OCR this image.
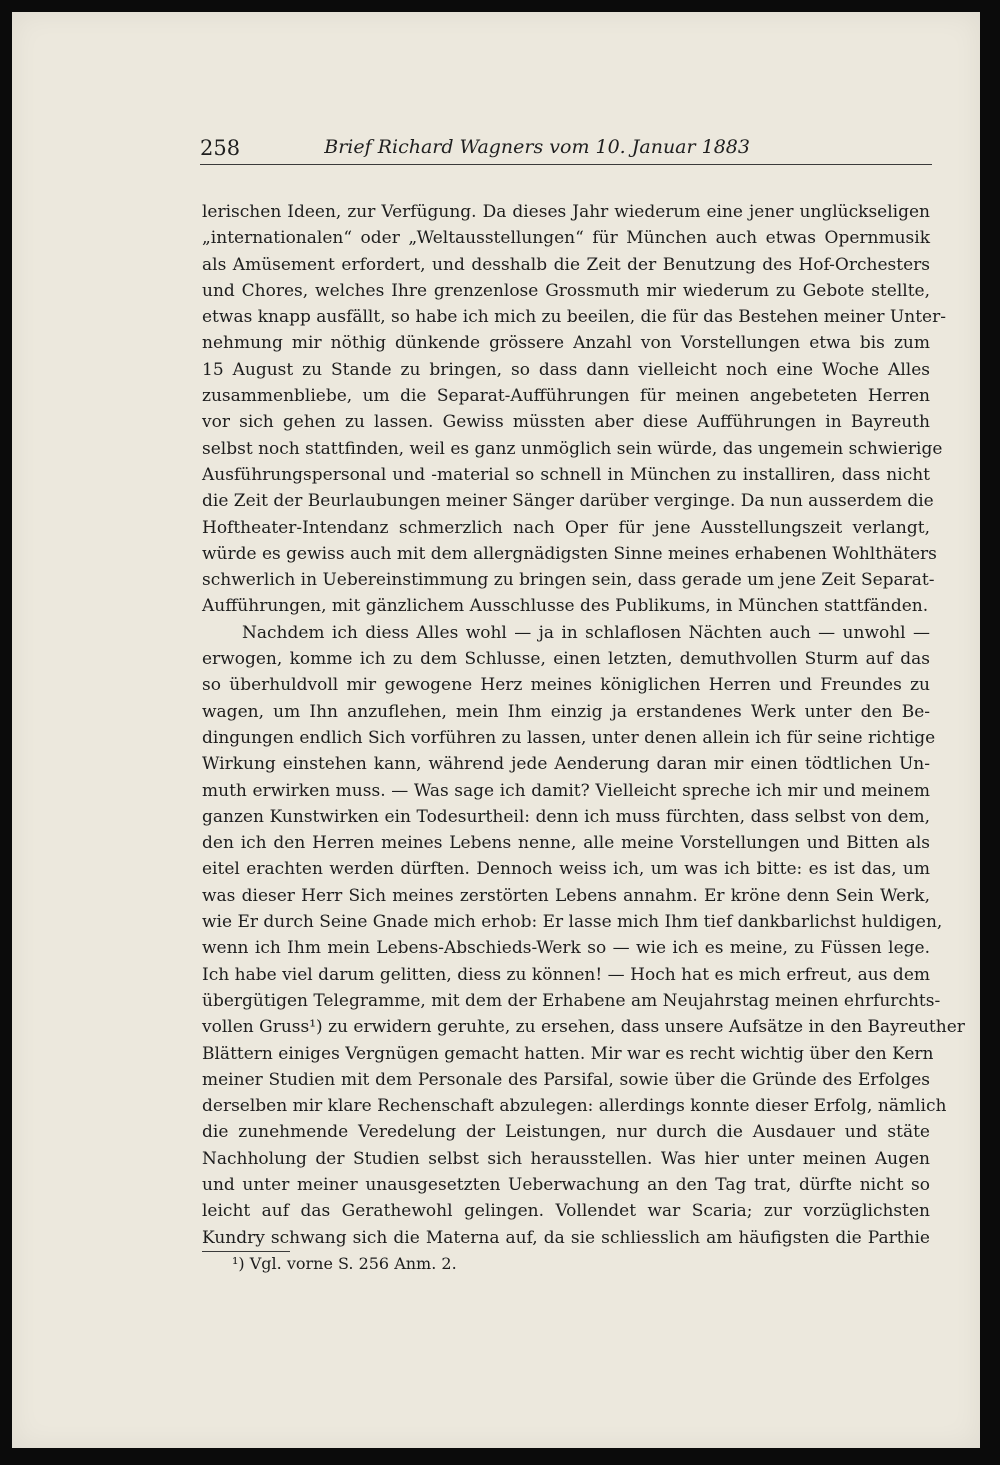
258	Brief Richard Wagners vom 10. Januar 1883
lerischen Ideen, zur Verfügung. Da dieses Jahr wiederum eine jener unglückseligen
„internationalen“ oder „Weltausstellungen“ für München auch etwas Opernmusik
als Amüsement erfordert, und desshalb die Zeit der Benutzung des Hof-Orchesters
und Chores, welches Ihre grenzenlose Grossmuth mir wiederum zu Gebote stellte,
etwas knapp ausfällt, so habe ich mich zu beeilen, die für das Bestehen meiner Unter-
nehmung mir nöthig dünkende grössere Anzahl von Vorstellungen etwa bis zum
15 August zu Stande zu bringen, so dass dann vielleicht noch eine Woche Alles
zusammenbliebe, um die Separat-Aufführungen für meinen angebeteten Herren
vor sich gehen zu lassen. Gewiss müssten aber diese Aufführungen in Bayreuth
selbst noch stattfinden, weil es ganz unmöglich sein würde, das ungemein schwierige
Ausführungspersonal und -material so schnell in München zu installiren, dass nicht
die Zeit der Beurlaubungen meiner Sänger darüber verginge. Da nun ausserdem die
Hoftheater-Intendanz schmerzlich nach Oper für jene Ausstellungszeit verlangt,
würde es gewiss auch mit dem allergnädigsten Sinne meines erhabenen Wohlthäters
schwerlich in Uebereinstimmung zu bringen sein, dass gerade um jene Zeit Separat-
Aufführungen, mit gänzlichem Ausschlusse des Publikums, in München stattfänden.
Nachdem ich diess Alles wohl — ja in schlaflosen Nächten auch — unwohl —
erwogen, komme ich zu dem Schlusse, einen letzten, demuthvollen Sturm auf das
so überhuldvoll mir gewogene Herz meines königlichen Herren und Freundes zu
wagen, um Ihn anzuflehen, mein Ihm einzig ja erstandenes Werk unter den Be-
dingungen endlich Sich vorführen zu lassen, unter denen allein ich für seine richtige
Wirkung einstehen kann, während jede Aenderung daran mir einen tödtlichen Un-
muth erwirken muss. — Was sage ich damit? Vielleicht spreche ich mir und meinem
ganzen Kunstwirken ein Todesurtheil: denn ich muss fürchten, dass selbst von dem,
den ich den Herren meines Lebens nenne, alle meine Vorstellungen und Bitten als
eitel erachten werden dürften. Dennoch weiss ich, um was ich bitte: es ist das, um
was dieser Herr Sich meines zerstörten Lebens annahm. Er kröne denn Sein Werk,
wie Er durch Seine Gnade mich erhob: Er lasse mich Ihm tief dankbarlichst huldigen,
wenn ich Ihm mein Lebens-Abschieds-Werk so — wie ich es meine, zu Füssen lege.
Ich habe viel darum gelitten, diess zu können! — Hoch hat es mich erfreut, aus dem
übergütigen Telegramme, mit dem der Erhabene am Neujahrstag meinen ehrfurchts-
vollen Gruss¹) zu erwidern geruhte, zu ersehen, dass unsere Aufsätze in den Bayreuther
Blättern einiges Vergnügen gemacht hatten. Mir war es recht wichtig über den Kern
meiner Studien mit dem Personale des Parsifal, sowie über die Gründe des Erfolges
derselben mir klare Rechenschaft abzulegen: allerdings konnte dieser Erfolg, nämlich
die zunehmende Veredelung der Leistungen, nur durch die Ausdauer und stäte
Nachholung der Studien selbst sich herausstellen. Was hier unter meinen Augen
und unter meiner unausgesetzten Ueberwachung an den Tag trat, dürfte nicht so
leicht auf das Gerathewohl gelingen. Vollendet war Scaria; zur vorzüglichsten
Kundry schwang sich die Materna auf, da sie schliesslich am häufigsten die Parthie
¹) Vgl. vorne S. 256 Anm. 2.
